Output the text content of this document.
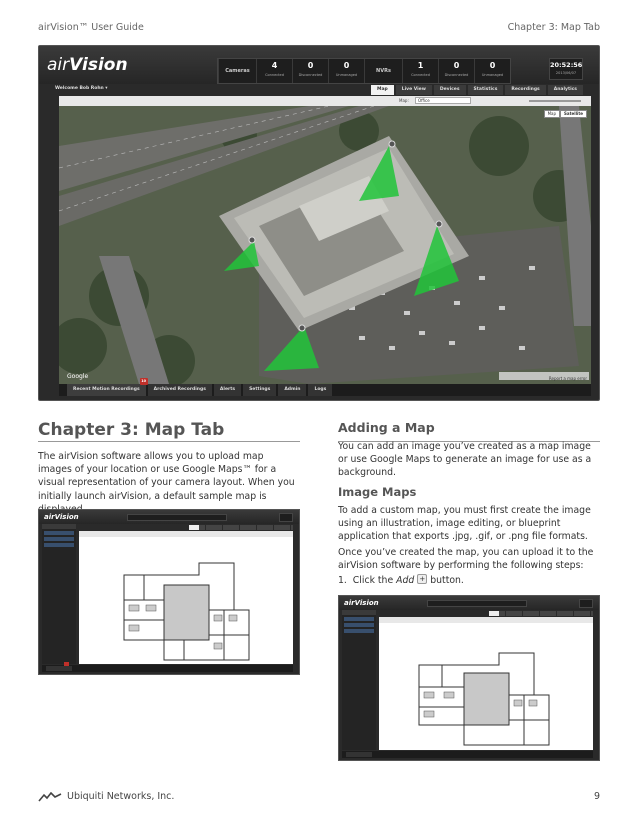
airVision™ User Guide	Chapter 3: Map Tab
airVision	Cameras
4
Connected
0
Disconnected
0
Unmanaged
NVRs
1
Connected
0
Disconnected
0
Unmanaged
20:52:56
2013/06/07
Welcome Bob Rohn ▾	Map	Live View	Devices	Statistics	Recordings	Analytics
Map:	Office
Google
Map	Satellite
Report a map error
Recent Motion Recordings
10
Archived Recordings	Alerts	Settings	Admin	Logs
Chapter 3: Map Tab
The airVision software allows you to upload map images of your location or use Google Maps™ for a visual representation of your camera layout. When you initially launch airVision, a default sample map is
airVision
Adding a Map
You can add an image you’ve created as a map image or use Google Maps to generate an image for use as a background.
Image Maps
To add a custom map, you must first create the image using an illustration, image editing, or blueprint application that exports .jpg, .gif, or .png file formats.
Once you’ve created the map, you can upload it to the airVision software by performing the following steps:
1. Click the Add + button.
airVision
Ubiquiti Networks, Inc.	9
